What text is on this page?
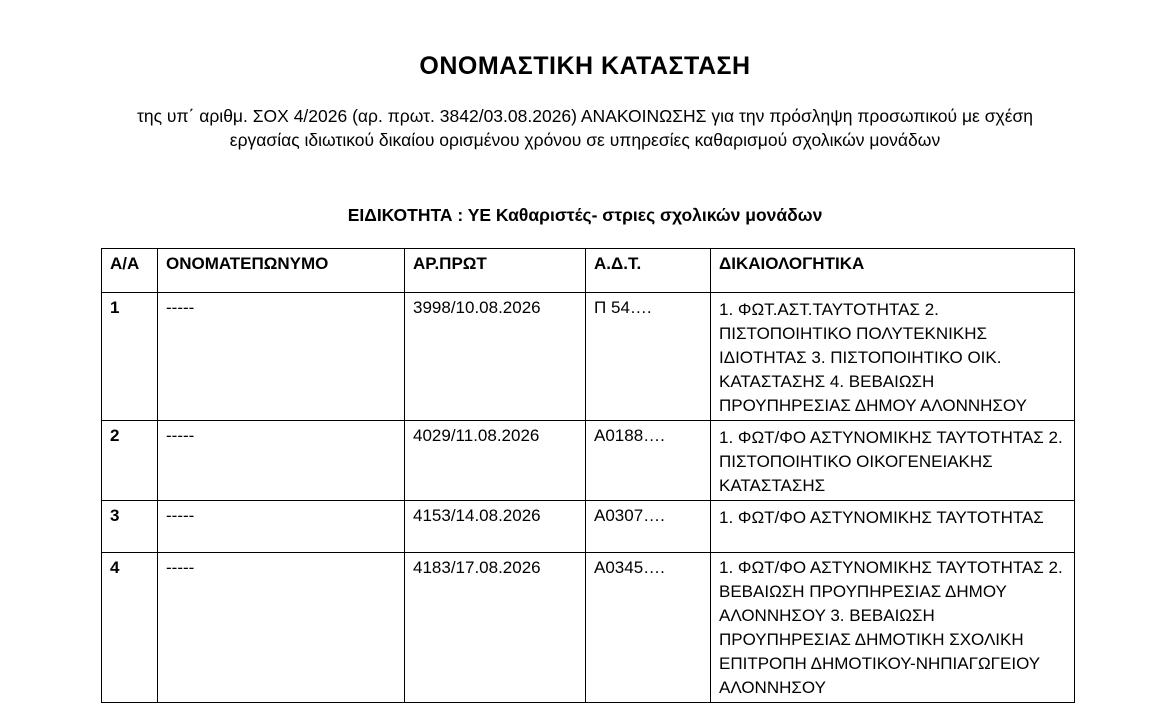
ΟΝΟΜΑΣΤΙΚΗ ΚΑΤΑΣΤΑΣΗ

της υπ΄ αριθμ. ΣΟΧ 4/2026 (αρ. πρωτ. 3842/03.08.2026) ΑΝΑΚΟΙΝΩΣΗΣ για την πρόσληψη προσωπικού με σχέση εργασίας ιδιωτικού δικαίου ορισμένου χρόνου σε υπηρεσίες καθαρισμού σχολικών μονάδων

ΕΙΔΙΚΟΤΗΤΑ : ΥΕ Καθαριστές- στριες σχολικών μονάδων

Α/Α	ΟΝΟΜΑΤΕΠΩΝΥΜΟ	ΑΡ.ΠΡΩΤ	Α.Δ.Τ.	ΔΙΚΑΙΟΛΟΓΗΤΙΚΑ
1	-----	3998/10.08.2026	Π 54….	1. ΦΩΤ.ΑΣΤ.ΤΑΥΤΟΤΗΤΑΣ 2. ΠΙΣΤΟΠΟΙΗΤΙΚΟ ΠΟΛΥΤΕΚΝΙΚΗΣ ΙΔΙΟΤΗΤΑΣ 3. ΠΙΣΤΟΠΟΙΗΤΙΚΟ ΟΙΚ. ΚΑΤΑΣΤΑΣΗΣ 4. ΒΕΒΑΙΩΣΗ ΠΡΟΥΠΗΡΕΣΙΑΣ ΔΗΜΟΥ ΑΛΟΝΝΗΣΟΥ
2	-----	4029/11.08.2026	Α0188….	1. ΦΩΤ/ΦΟ ΑΣΤΥΝΟΜΙΚΗΣ ΤΑΥΤΟΤΗΤΑΣ 2. ΠΙΣΤΟΠΟΙΗΤΙΚΟ ΟΙΚΟΓΕΝΕΙΑΚΗΣ ΚΑΤΑΣΤΑΣΗΣ
3	-----	4153/14.08.2026	Α0307….	1. ΦΩΤ/ΦΟ ΑΣΤΥΝΟΜΙΚΗΣ ΤΑΥΤΟΤΗΤΑΣ
4	-----	4183/17.08.2026	Α0345….	1. ΦΩΤ/ΦΟ ΑΣΤΥΝΟΜΙΚΗΣ ΤΑΥΤΟΤΗΤΑΣ 2. ΒΕΒΑΙΩΣΗ ΠΡΟΥΠΗΡΕΣΙΑΣ ΔΗΜΟΥ ΑΛΟΝΝΗΣΟΥ 3. ΒΕΒΑΙΩΣΗ ΠΡΟΥΠΗΡΕΣΙΑΣ ΔΗΜΟΤΙΚΗ ΣΧΟΛΙΚΗ ΕΠΙΤΡΟΠΗ ΔΗΜΟΤΙΚΟΥ-ΝΗΠΙΑΓΩΓΕΙΟΥ ΑΛΟΝΝΗΣΟΥ
